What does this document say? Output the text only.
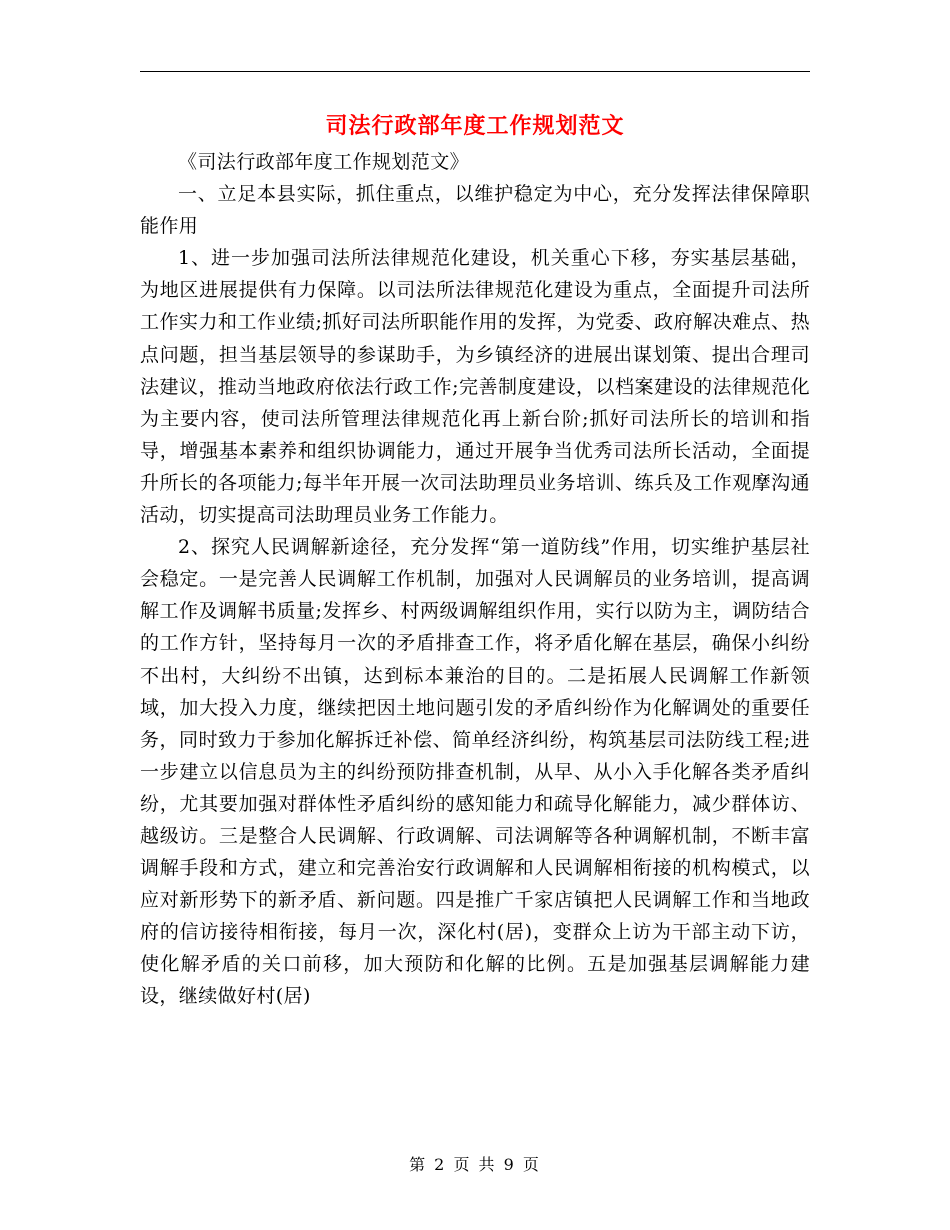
司法行政部年度工作规划范文

《司法行政部年度工作规划范文》

一、立足本县实际，抓住重点，以维护稳定为中心，充分发挥法律保障职能作用

1、进一步加强司法所法律规范化建设，机关重心下移，夯实基层基础，为地区进展提供有力保障。以司法所法律规范化建设为重点，全面提升司法所工作实力和工作业绩;抓好司法所职能作用的发挥，为党委、政府解决难点、热点问题，担当基层领导的参谋助手，为乡镇经济的进展出谋划策、提出合理司法建议，推动当地政府依法行政工作;完善制度建设，以档案建设的法律规范化为主要内容，使司法所管理法律规范化再上新台阶;抓好司法所长的培训和指导，增强基本素养和组织协调能力，通过开展争当优秀司法所长活动，全面提升所长的各项能力;每半年开展一次司法助理员业务培训、练兵及工作观摩沟通活动，切实提高司法助理员业务工作能力。

2、探究人民调解新途径，充分发挥“第一道防线”作用，切实维护基层社会稳定。一是完善人民调解工作机制，加强对人民调解员的业务培训，提高调解工作及调解书质量;发挥乡、村两级调解组织作用，实行以防为主，调防结合的工作方针，坚持每月一次的矛盾排查工作，将矛盾化解在基层，确保小纠纷不出村，大纠纷不出镇，达到标本兼治的目的。二是拓展人民调解工作新领域，加大投入力度，继续把因土地问题引发的矛盾纠纷作为化解调处的重要任务，同时致力于参加化解拆迁补偿、简单经济纠纷，构筑基层司法防线工程;进一步建立以信息员为主的纠纷预防排查机制，从早、从小入手化解各类矛盾纠纷，尤其要加强对群体性矛盾纠纷的感知能力和疏导化解能力，减少群体访、越级访。三是整合人民调解、行政调解、司法调解等各种调解机制，不断丰富调解手段和方式，建立和完善治安行政调解和人民调解相衔接的机构模式，以应对新形势下的新矛盾、新问题。四是推广千家店镇把人民调解工作和当地政府的信访接待相衔接，每月一次，深化村(居)，变群众上访为干部主动下访，使化解矛盾的关口前移，加大预防和化解的比例。五是加强基层调解能力建设，继续做好村(居)

第 2 页 共 9 页
